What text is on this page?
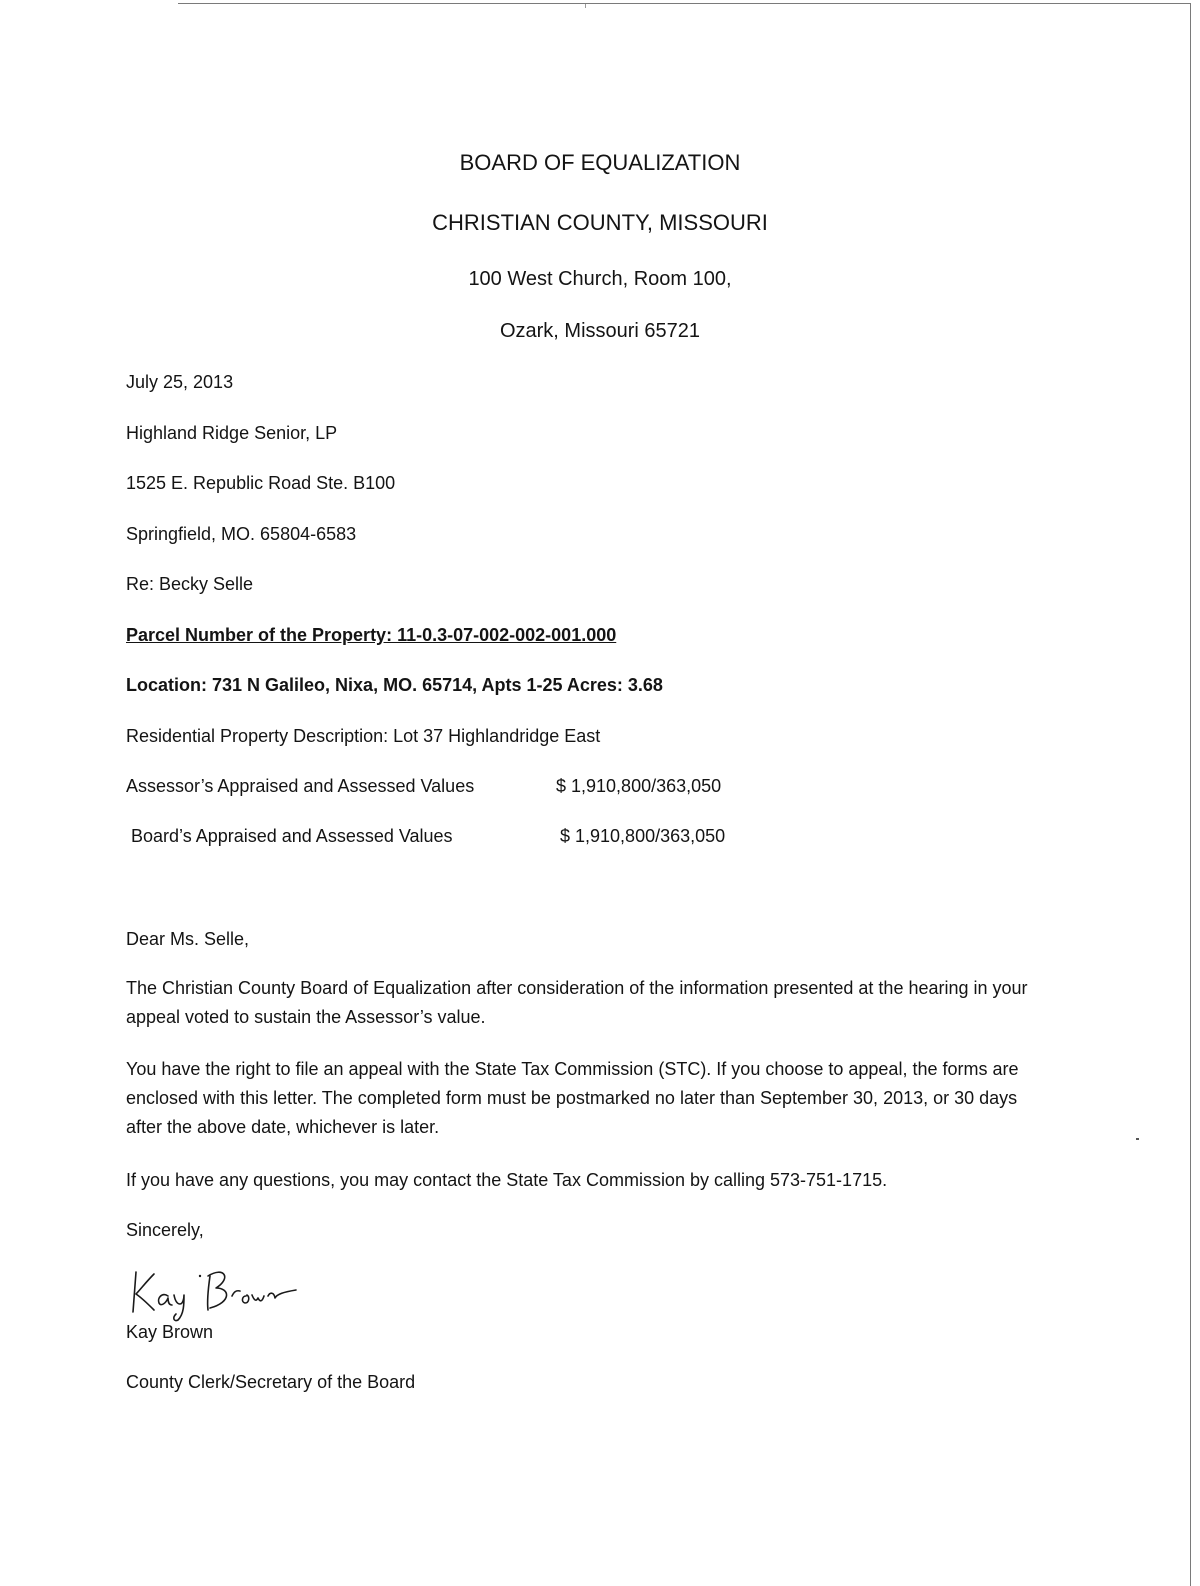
BOARD OF EQUALIZATION
CHRISTIAN COUNTY, MISSOURI
100 West Church, Room 100,
Ozark, Missouri 65721
July 25, 2013
Highland Ridge Senior, LP
1525 E. Republic Road Ste. B100
Springfield, MO. 65804-6583
Re: Becky Selle
Parcel Number of the Property: 11-0.3-07-002-002-001.000
Location: 731 N Galileo, Nixa, MO. 65714, Apts 1-25 Acres: 3.68
Residential Property Description: Lot 37 Highlandridge East
Assessor’s Appraised and Assessed Values	$ 1,910,800/363,050
Board’s Appraised and Assessed Values	$ 1,910,800/363,050
Dear Ms. Selle,
The Christian County Board of Equalization after consideration of the information presented at the hearing in your appeal voted to sustain the Assessor’s value.
You have the right to file an appeal with the State Tax Commission (STC). If you choose to appeal, the forms are enclosed with this letter. The completed form must be postmarked no later than September 30, 2013, or 30 days after the above date, whichever is later.
If you have any questions, you may contact the State Tax Commission by calling 573-751-1715.
Sincerely,
Kay Brown
County Clerk/Secretary of the Board
